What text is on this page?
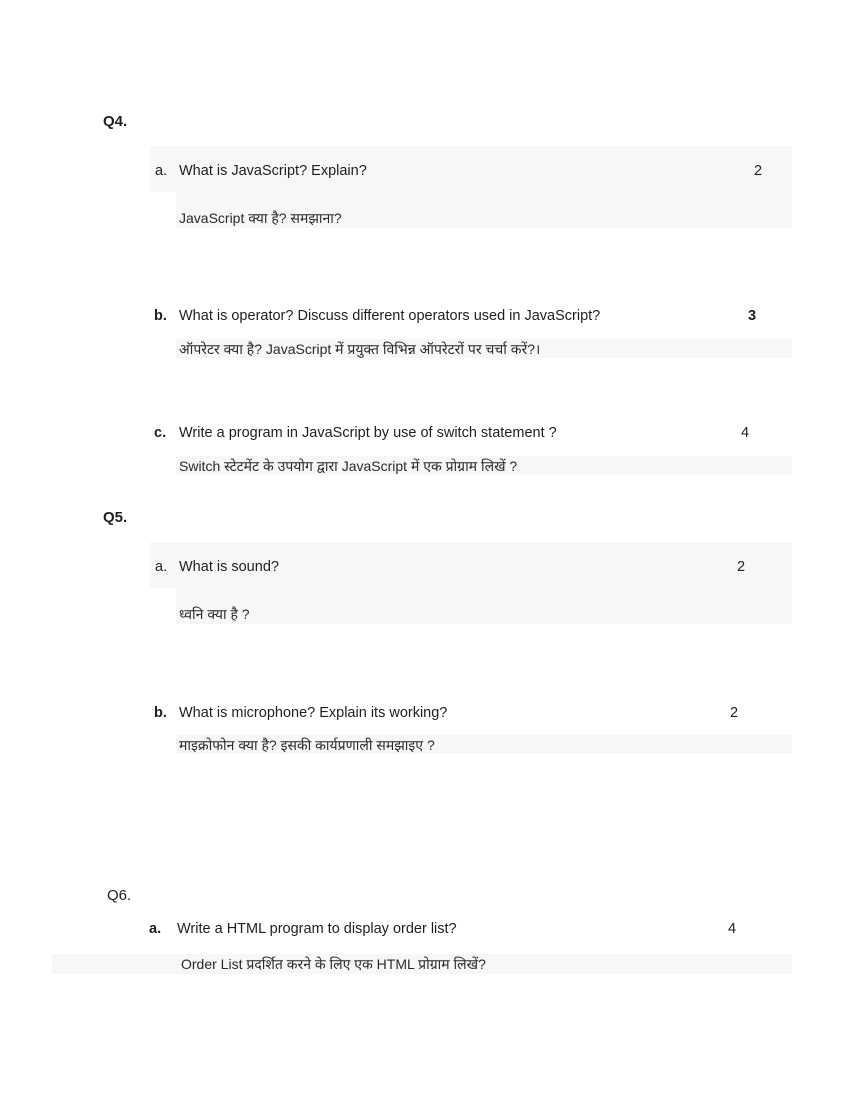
Q4.
a. What is JavaScript? Explain?	2
JavaScript क्या है? समझाना?
b. What is operator? Discuss different operators used in JavaScript?	3
ऑपरेटर क्या है? JavaScript में प्रयुक्त विभिन्न ऑपरेटरों पर चर्चा करें?।
c. Write a program in JavaScript by use of switch statement ?	4
Switch स्टेटमेंट के उपयोग द्वारा JavaScript में एक प्रोग्राम लिखें ?
Q5.
a. What is sound?	2
ध्वनि क्या है ?
b. What is microphone? Explain its working?	2
माइक्रोफोन क्या है? इसकी कार्यप्रणाली समझाइए ?
Q6.
a. Write a HTML program to display order list?	4
Order List प्रदर्शित करने के लिए एक HTML प्रोग्राम लिखें?
